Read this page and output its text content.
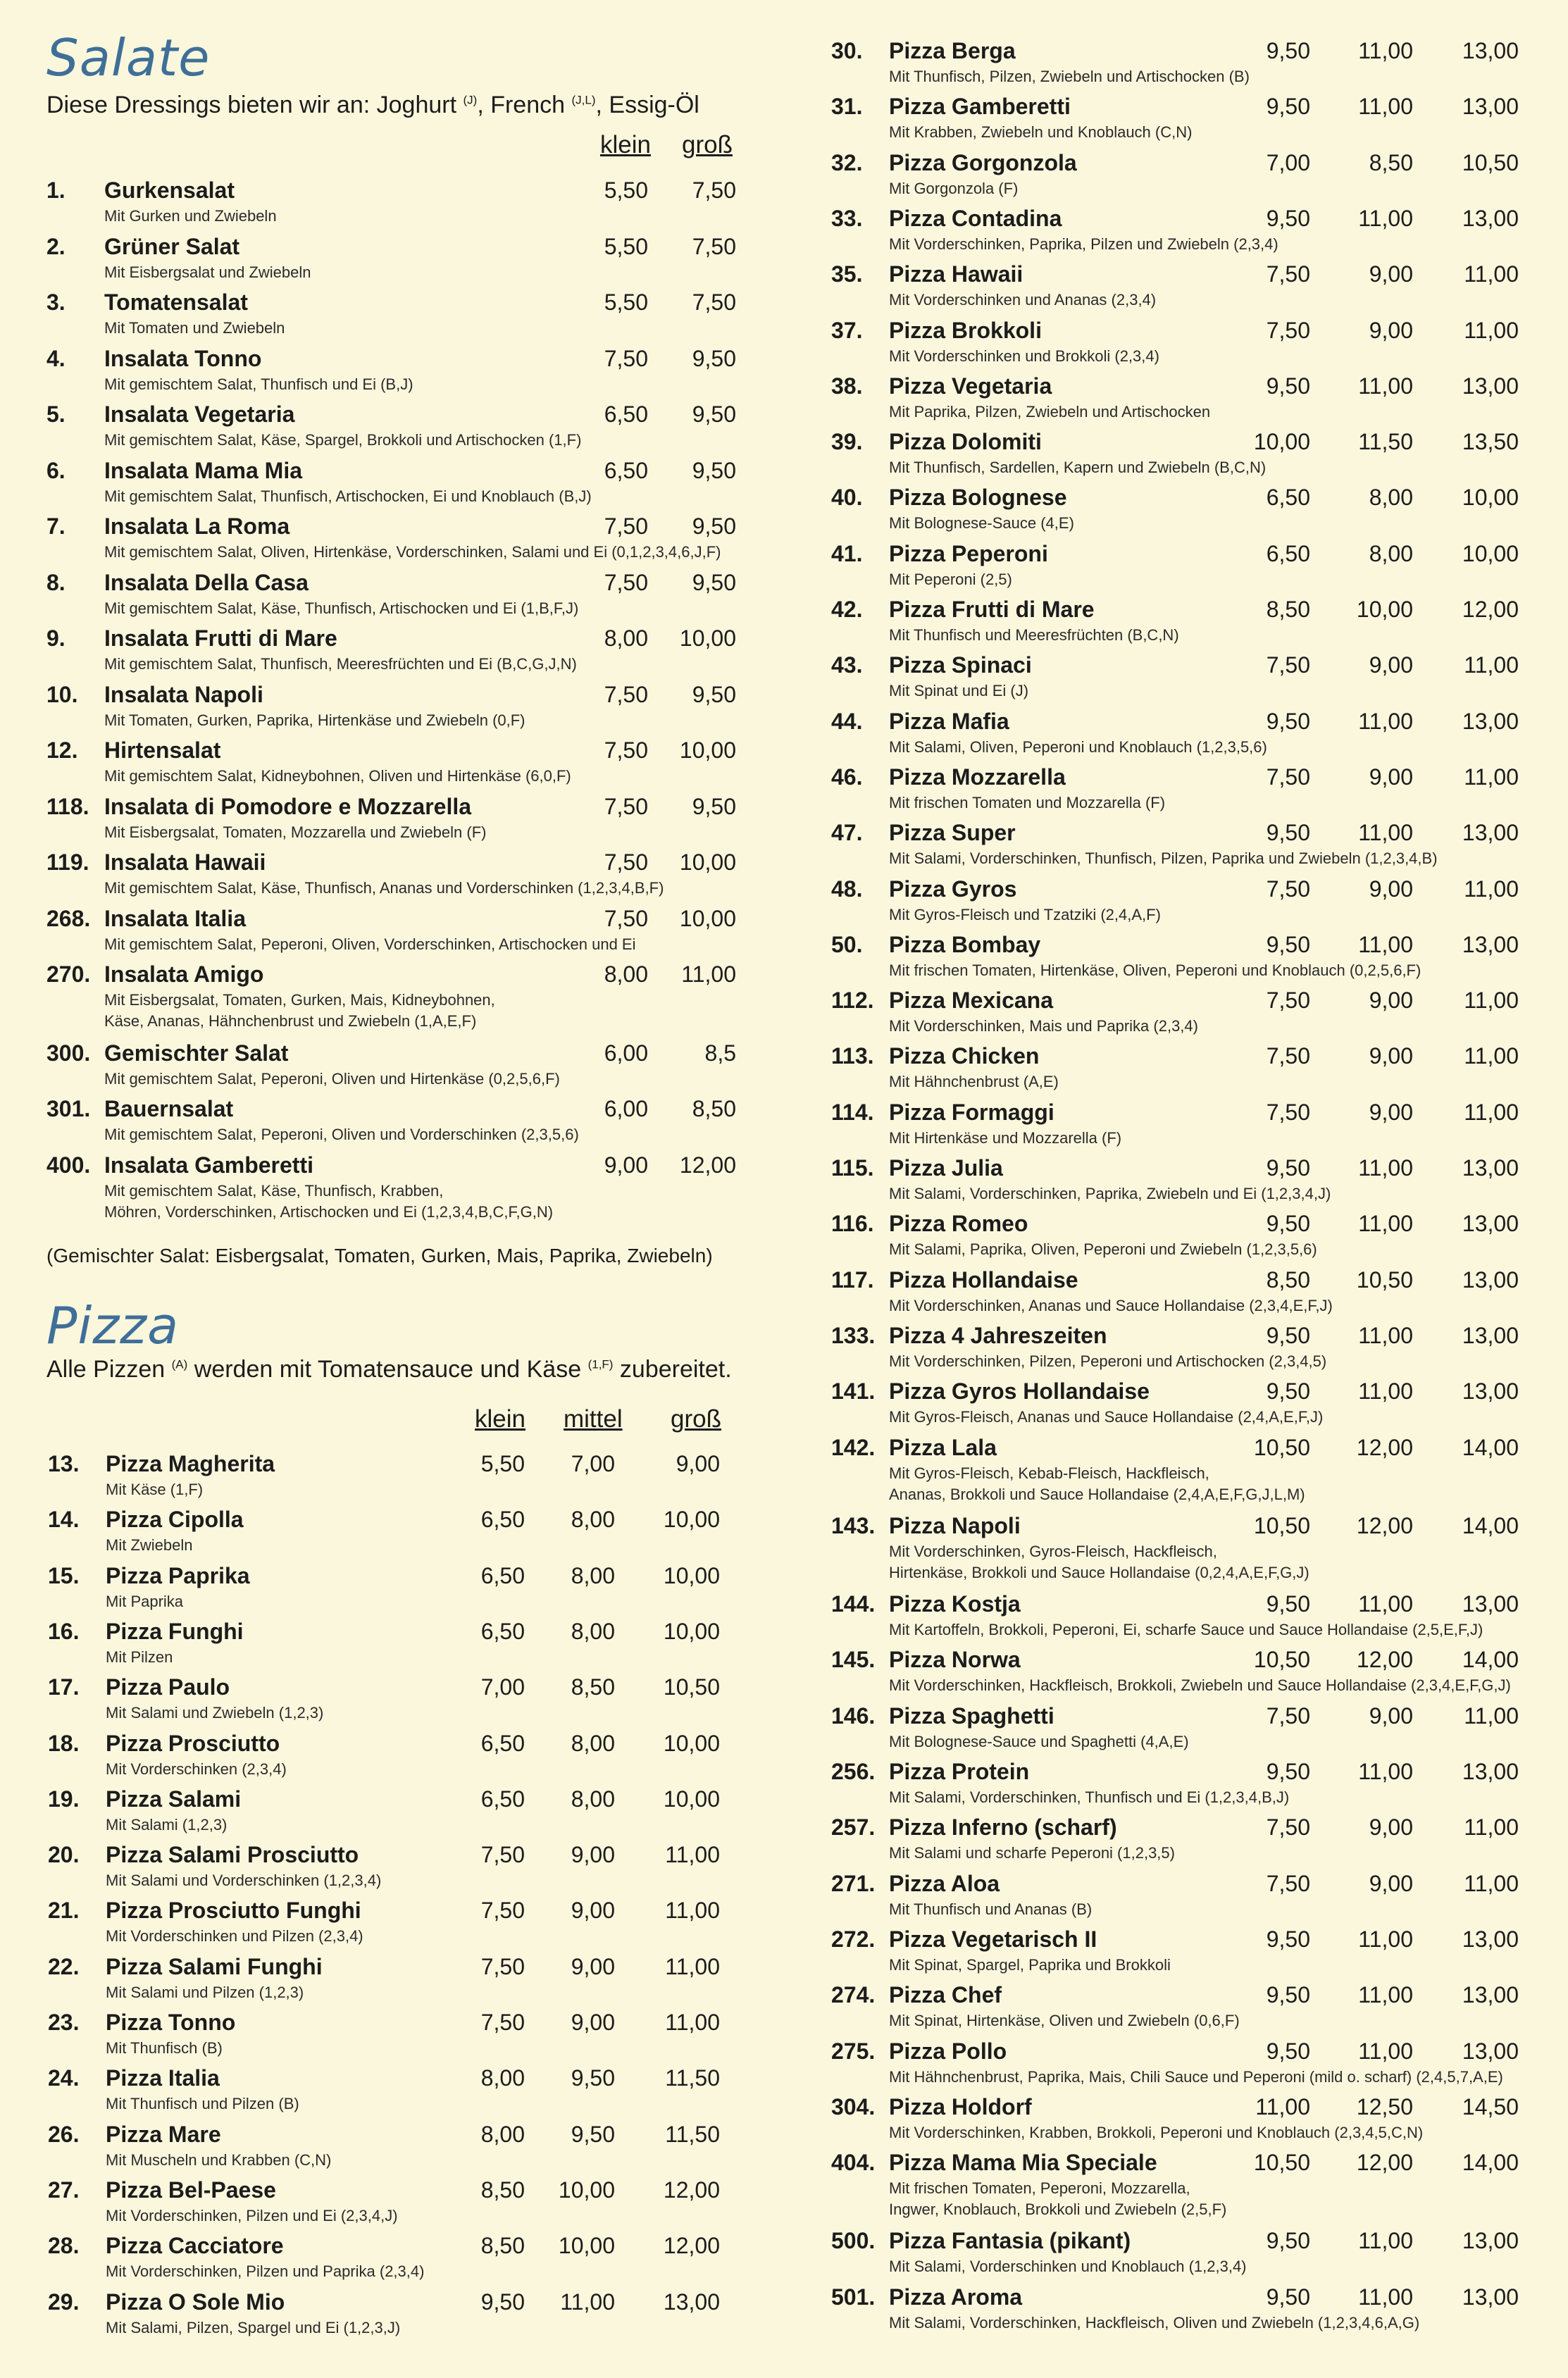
Salate
Diese Dressings bieten wir an: Joghurt $^{(J)}$, French $^{(J,L)}$, Essig-Öl
klein groß
1. Gurkensalat
Mit Gurken und Zwiebeln
5,50	7,50
2. Grüner Salat
Mit Eisbergsalat und Zwiebeln
5,50	7,50
3. Tomatensalat
Mit Tomaten und Zwiebeln
5,50	7,50
4. Insalata Tonno
Mit gemischtem Salat, Thunfisch und Ei (B,J)
7,50	9,50
5. Insalata Vegetaria
Mit gemischtem Salat, Käse, Spargel, Brokkoli und Artischocken (1,F)
6,50	9,50
6. Insalata Mama Mia
Mit gemischtem Salat, Thunfisch, Artischocken, Ei und Knoblauch (B,J)
6,50	9,50
7. Insalata La Roma
Mit gemischtem Salat, Oliven, Hirtenkäse, Vorderschinken, Salami und Ei (0,1,2,3,4,6,J,F)
7,50	9,50
8. Insalata Della Casa
Mit gemischtem Salat, Käse, Thunfisch, Artischocken und Ei (1,B,F,J)
7,50	9,50
9. Insalata Frutti di Mare
Mit gemischtem Salat, Thunfisch, Meeresfrüchten und Ei (B,C,G,J,N)
8,00	10,00
10. Insalata Napoli
Mit Tomaten, Gurken, Paprika, Hirtenkäse und Zwiebeln (0,F)
7,50	9,50
12. Hirtensalat
Mit gemischtem Salat, Kidneybohnen, Oliven und Hirtenkäse (6,0,F)
7,50	10,00
118. Insalata di Pomodore e Mozzarella
Mit Eisbergsalat, Tomaten, Mozzarella und Zwiebeln (F)
7,50	9,50
119. Insalata Hawaii
Mit gemischtem Salat, Käse, Thunfisch, Ananas und Vorderschinken (1,2,3,4,B,F)
7,50	10,00
268. Insalata Italia
Mit gemischtem Salat, Peperoni, Oliven, Vorderschinken, Artischocken und Ei
7,50	10,00
270. Insalata Amigo
Mit Eisbergsalat, Tomaten, Gurken, Mais, Kidneybohnen,
Käse, Ananas, Hähnchenbrust und Zwiebeln (1,A,E,F)
8,00	11,00
300. Gemischter Salat
Mit gemischtem Salat, Peperoni, Oliven und Hirtenkäse (0,2,5,6,F)
6,00	8,5
301. Bauernsalat
Mit gemischtem Salat, Peperoni, Oliven und Vorderschinken (2,3,5,6)
6,00	8,50
400. Insalata Gamberetti
Mit gemischtem Salat, Käse, Thunfisch, Krabben,
Möhren, Vorderschinken, Artischocken und Ei (1,2,3,4,B,C,F,G,N)
9,00	12,00
(Gemischter Salat: Eisbergsalat, Tomaten, Gurken, Mais, Paprika, Zwiebeln)
Pizza
Alle Pizzen $^{(A)}$ werden mit Tomatensauce und Käse $^{(1,F)}$ zubereitet.
klein mittel groß
13. Pizza Magherita
Mit Käse (1,F)
5,50	7,00	9,00
14. Pizza Cipolla
Mit Zwiebeln
6,50	8,00	10,00
15. Pizza Paprika
Mit Paprika
6,50	8,00	10,00
16. Pizza Funghi
Mit Pilzen
6,50	8,00	10,00
17. Pizza Paulo
Mit Salami und Zwiebeln (1,2,3)
7,00	8,50	10,50
18. Pizza Prosciutto
Mit Vorderschinken (2,3,4)
6,50	8,00	10,00
19. Pizza Salami
Mit Salami (1,2,3)
6,50	8,00	10,00
20. Pizza Salami Prosciutto
Mit Salami und Vorderschinken (1,2,3,4)
7,50	9,00	11,00
21. Pizza Prosciutto Funghi
Mit Vorderschinken und Pilzen (2,3,4)
7,50	9,00	11,00
22. Pizza Salami Funghi
Mit Salami und Pilzen (1,2,3)
7,50	9,00	11,00
23. Pizza Tonno
Mit Thunfisch (B)
7,50	9,00	11,00
24. Pizza Italia
Mit Thunfisch und Pilzen (B)
8,00	9,50	11,50
26. Pizza Mare
Mit Muscheln und Krabben (C,N)
8,00	9,50	11,50
27. Pizza Bel-Paese
Mit Vorderschinken, Pilzen und Ei (2,3,4,J)
8,50	10,00	12,00
28. Pizza Cacciatore
Mit Vorderschinken, Pilzen und Paprika (2,3,4)
8,50	10,00	12,00
29. Pizza O Sole Mio
Mit Salami, Pilzen, Spargel und Ei (1,2,3,J)
9,50	11,00	13,00
30. Pizza Berga
Mit Thunfisch, Pilzen, Zwiebeln und Artischocken (B)
9,50	11,00	13,00
31. Pizza Gamberetti
Mit Krabben, Zwiebeln und Knoblauch (C,N)
9,50	11,00	13,00
32. Pizza Gorgonzola
Mit Gorgonzola (F)
7,00	8,50	10,50
33. Pizza Contadina
Mit Vorderschinken, Paprika, Pilzen und Zwiebeln (2,3,4)
9,50	11,00	13,00
35. Pizza Hawaii
Mit Vorderschinken und Ananas (2,3,4)
7,50	9,00	11,00
37. Pizza Brokkoli
Mit Vorderschinken und Brokkoli (2,3,4)
7,50	9,00	11,00
38. Pizza Vegetaria
Mit Paprika, Pilzen, Zwiebeln und Artischocken
9,50	11,00	13,00
39. Pizza Dolomiti
Mit Thunfisch, Sardellen, Kapern und Zwiebeln (B,C,N)
10,00	11,50	13,50
40. Pizza Bolognese
Mit Bolognese-Sauce (4,E)
6,50	8,00	10,00
41. Pizza Peperoni
Mit Peperoni (2,5)
6,50	8,00	10,00
42. Pizza Frutti di Mare
Mit Thunfisch und Meeresfrüchten (B,C,N)
8,50	10,00	12,00
43. Pizza Spinaci
Mit Spinat und Ei (J)
7,50	9,00	11,00
44. Pizza Mafia
Mit Salami, Oliven, Peperoni und Knoblauch (1,2,3,5,6)
9,50	11,00	13,00
46. Pizza Mozzarella
Mit frischen Tomaten und Mozzarella (F)
7,50	9,00	11,00
47. Pizza Super
Mit Salami, Vorderschinken, Thunfisch, Pilzen, Paprika und Zwiebeln (1,2,3,4,B)
9,50	11,00	13,00
48. Pizza Gyros
Mit Gyros-Fleisch und Tzatziki (2,4,A,F)
7,50	9,00	11,00
50. Pizza Bombay
Mit frischen Tomaten, Hirtenkäse, Oliven, Peperoni und Knoblauch (0,2,5,6,F)
9,50	11,00	13,00
112. Pizza Mexicana
Mit Vorderschinken, Mais und Paprika (2,3,4)
7,50	9,00	11,00
113. Pizza Chicken
Mit Hähnchenbrust (A,E)
7,50	9,00	11,00
114. Pizza Formaggi
Mit Hirtenkäse und Mozzarella (F)
7,50	9,00	11,00
115. Pizza Julia
Mit Salami, Vorderschinken, Paprika, Zwiebeln und Ei (1,2,3,4,J)
9,50	11,00	13,00
116. Pizza Romeo
Mit Salami, Paprika, Oliven, Peperoni und Zwiebeln (1,2,3,5,6)
9,50	11,00	13,00
117. Pizza Hollandaise
Mit Vorderschinken, Ananas und Sauce Hollandaise (2,3,4,E,F,J)
8,50	10,50	13,00
133. Pizza 4 Jahreszeiten
Mit Vorderschinken, Pilzen, Peperoni und Artischocken (2,3,4,5)
9,50	11,00	13,00
141. Pizza Gyros Hollandaise
Mit Gyros-Fleisch, Ananas und Sauce Hollandaise (2,4,A,E,F,J)
9,50	11,00	13,00
142. Pizza Lala
Mit Gyros-Fleisch, Kebab-Fleisch, Hackfleisch,
Ananas, Brokkoli und Sauce Hollandaise (2,4,A,E,F,G,J,L,M)
10,50	12,00	14,00
143. Pizza Napoli
Mit Vorderschinken, Gyros-Fleisch, Hackfleisch,
Hirtenkäse, Brokkoli und Sauce Hollandaise (0,2,4,A,E,F,G,J)
10,50	12,00	14,00
144. Pizza Kostja
Mit Kartoffeln, Brokkoli, Peperoni, Ei, scharfe Sauce und Sauce Hollandaise (2,5,E,F,J)
9,50	11,00	13,00
145. Pizza Norwa
Mit Vorderschinken, Hackfleisch, Brokkoli, Zwiebeln und Sauce Hollandaise (2,3,4,E,F,G,J)
10,50	12,00	14,00
146. Pizza Spaghetti
Mit Bolognese-Sauce und Spaghetti (4,A,E)
7,50	9,00	11,00
256. Pizza Protein
Mit Salami, Vorderschinken, Thunfisch und Ei (1,2,3,4,B,J)
9,50	11,00	13,00
257. Pizza Inferno (scharf)
Mit Salami und scharfe Peperoni (1,2,3,5)
7,50	9,00	11,00
271. Pizza Aloa
Mit Thunfisch und Ananas (B)
7,50	9,00	11,00
272. Pizza Vegetarisch II
Mit Spinat, Spargel, Paprika und Brokkoli
9,50	11,00	13,00
274. Pizza Chef
Mit Spinat, Hirtenkäse, Oliven und Zwiebeln (0,6,F)
9,50	11,00	13,00
275. Pizza Pollo
Mit Hähnchenbrust, Paprika, Mais, Chili Sauce und Peperoni (mild o. scharf) (2,4,5,7,A,E)
9,50	11,00	13,00
304. Pizza Holdorf
Mit Vorderschinken, Krabben, Brokkoli, Peperoni und Knoblauch (2,3,4,5,C,N)
11,00	12,50	14,50
404. Pizza Mama Mia Speciale
Mit frischen Tomaten, Peperoni, Mozzarella,
Ingwer, Knoblauch, Brokkoli und Zwiebeln (2,5,F)
10,50	12,00	14,00
500. Pizza Fantasia (pikant)
Mit Salami, Vorderschinken und Knoblauch (1,2,3,4)
9,50	11,00	13,00
501. Pizza Aroma
Mit Salami, Vorderschinken, Hackfleisch, Oliven und Zwiebeln (1,2,3,4,6,A,G)
9,50	11,00	13,00
